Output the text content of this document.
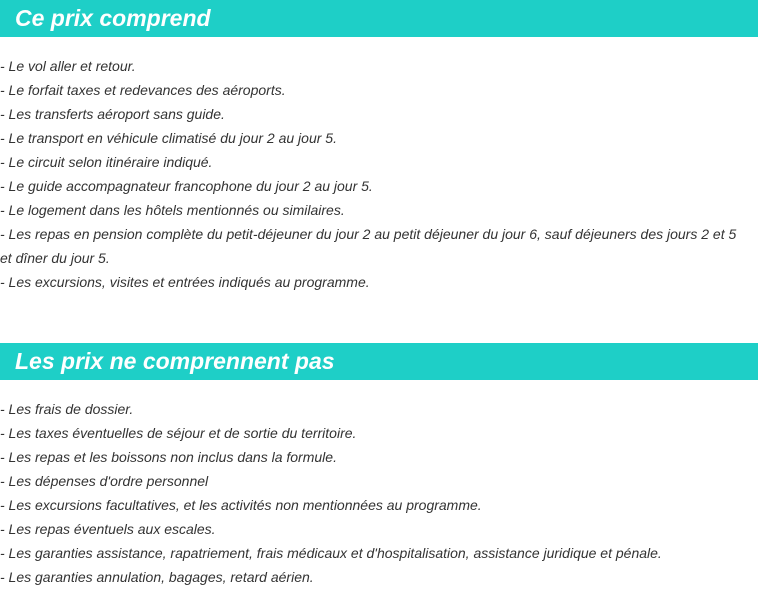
Ce prix comprend
- Le vol aller et retour.
- Le forfait taxes et redevances des aéroports.
- Les transferts aéroport sans guide.
- Le transport en véhicule climatisé du jour 2 au jour 5.
- Le circuit selon itinéraire indiqué.
- Le guide accompagnateur francophone du jour 2 au jour 5.
- Le logement dans les hôtels mentionnés ou similaires.
- Les repas en pension complète du petit-déjeuner du jour 2 au petit déjeuner du jour 6, sauf déjeuners des jours 2 et 5 et dîner du jour 5.
- Les excursions, visites et entrées indiqués au programme.
Les prix ne comprennent pas
- Les frais de dossier.
- Les taxes éventuelles de séjour et de sortie du territoire.
- Les repas et les boissons non inclus dans la formule.
- Les dépenses d'ordre personnel
- Les excursions facultatives, et les activités non mentionnées au programme.
- Les repas éventuels aux escales.
- Les garanties assistance, rapatriement, frais médicaux et d'hospitalisation, assistance juridique et pénale.
- Les garanties annulation, bagages, retard aérien.
